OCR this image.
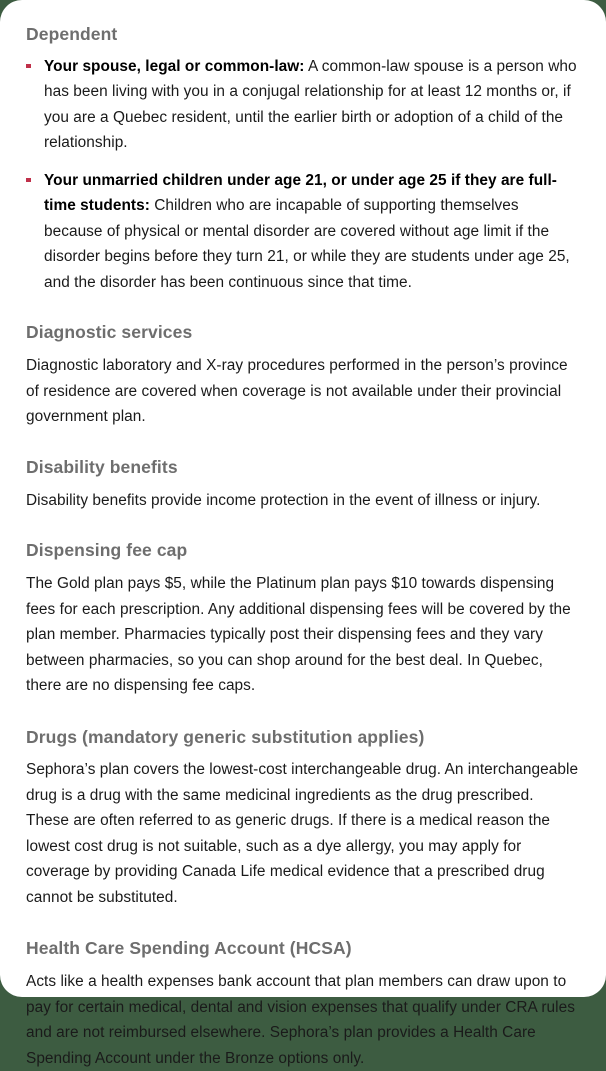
Dependent
Your spouse, legal or common-law: A common-law spouse is a person who has been living with you in a conjugal relationship for at least 12 months or, if you are a Quebec resident, until the earlier birth or adoption of a child of the relationship.
Your unmarried children under age 21, or under age 25 if they are full-time students: Children who are incapable of supporting themselves because of physical or mental disorder are covered without age limit if the disorder begins before they turn 21, or while they are students under age 25, and the disorder has been continuous since that time.
Diagnostic services

Diagnostic laboratory and X-ray procedures performed in the person’s province of residence are covered when coverage is not available under their provincial government plan.

Disability benefits

Disability benefits provide income protection in the event of illness or injury.

Dispensing fee cap

The Gold plan pays $5, while the Platinum plan pays $10 towards dispensing fees for each prescription. Any additional dispensing fees will be covered by the plan member. Pharmacies typically post their dispensing fees and they vary between pharmacies, so you can shop around for the best deal. In Quebec, there are no dispensing fee caps.

Drugs (mandatory generic substitution applies)

Sephora’s plan covers the lowest-cost interchangeable drug. An interchangeable drug is a drug with the same medicinal ingredients as the drug prescribed. These are often referred to as generic drugs. If there is a medical reason the lowest cost drug is not suitable, such as a dye allergy, you may apply for coverage by providing Canada Life medical evidence that a prescribed drug cannot be substituted.

Health Care Spending Account (HCSA)

Acts like a health expenses bank account that plan members can draw upon to pay for certain medical, dental and vision expenses that qualify under CRA rules and are not reimbursed elsewhere. Sephora’s plan provides a Health Care Spending Account under the Bronze options only.
